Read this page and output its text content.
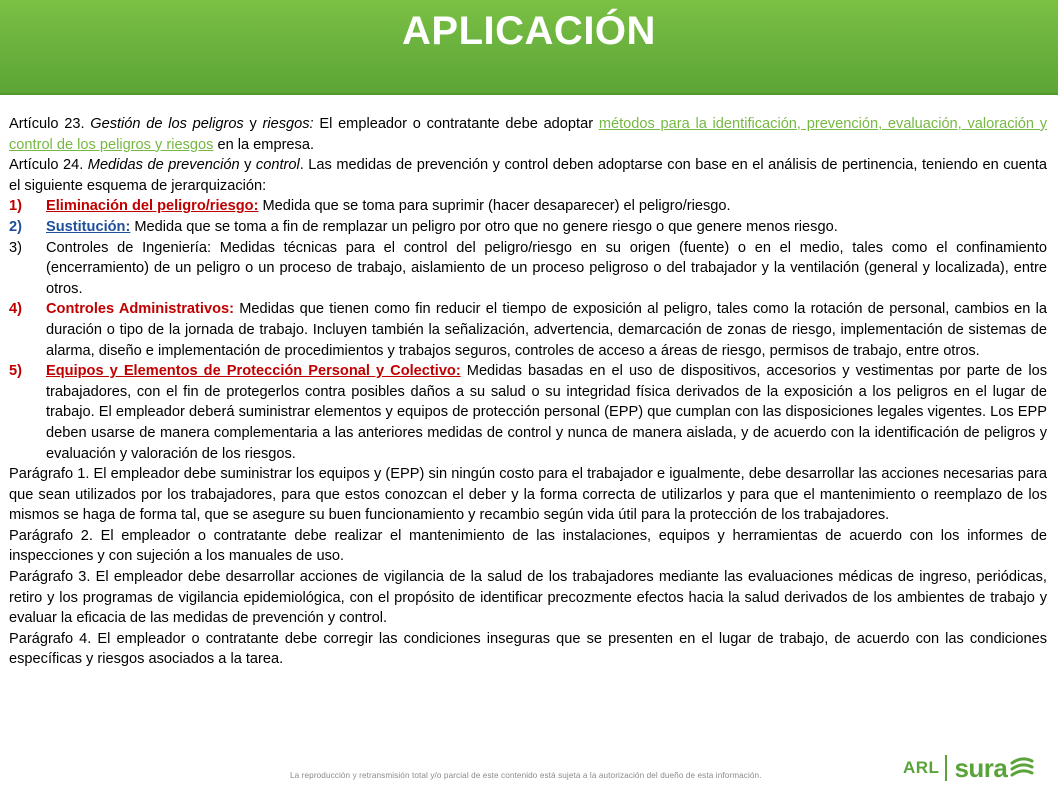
APLICACIÓN

Artículo 23. Gestión de los peligros y riesgos: El empleador o contratante debe adoptar métodos para la identificación, prevención, evaluación, valoración y control de los peligros y riesgos en la empresa.

Artículo 24. Medidas de prevención y control. Las medidas de prevención y control deben adoptarse con base en el análisis de pertinencia, teniendo en cuenta el siguiente esquema de jerarquización:

1)	Eliminación del peligro/riesgo: Medida que se toma para suprimir (hacer desaparecer) el peligro/riesgo.
2)	Sustitución: Medida que se toma a fin de remplazar un peligro por otro que no genere riesgo o que genere menos riesgo.
3)	Controles de Ingeniería: Medidas técnicas para el control del peligro/riesgo en su origen (fuente) o en el medio, tales como el confinamiento (encerramiento) de un peligro o un proceso de trabajo, aislamiento de un proceso peligroso o del trabajador y la ventilación (general y localizada), entre otros.
4)	Controles Administrativos: Medidas que tienen como fin reducir el tiempo de exposición al peligro, tales como la rotación de personal, cambios en la duración o tipo de la jornada de trabajo. Incluyen también la señalización, advertencia, demarcación de zonas de riesgo, implementación de sistemas de alarma, diseño e implementación de procedimientos y trabajos seguros, controles de acceso a áreas de riesgo, permisos de trabajo, entre otros.
5)	Equipos y Elementos de Protección Personal y Colectivo: Medidas basadas en el uso de dispositivos, accesorios y vestimentas por parte de los trabajadores, con el fin de protegerlos contra posibles daños a su salud o su integridad física derivados de la exposición a los peligros en el lugar de trabajo. El empleador deberá suministrar elementos y equipos de protección personal (EPP) que cumplan con las disposiciones legales vigentes. Los EPP deben usarse de manera complementaria a las anteriores medidas de control y nunca de manera aislada, y de acuerdo con la identificación de peligros y evaluación y valoración de los riesgos.

Parágrafo 1. El empleador debe suministrar los equipos y (EPP) sin ningún costo para el trabajador e igualmente, debe desarrollar las acciones necesarias para que sean utilizados por los trabajadores, para que estos conozcan el deber y la forma correcta de utilizarlos y para que el mantenimiento o reemplazo de los mismos se haga de forma tal, que se asegure su buen funcionamiento y recambio según vida útil para la protección de los trabajadores.

Parágrafo 2. El empleador o contratante debe realizar el mantenimiento de las instalaciones, equipos y herramientas de acuerdo con los informes de inspecciones y con sujeción a los manuales de uso.

Parágrafo 3. El empleador debe desarrollar acciones de vigilancia de la salud de los trabajadores mediante las evaluaciones médicas de ingreso, periódicas, retiro y los programas de vigilancia epidemiológica, con el propósito de identificar precozmente efectos hacia la salud derivados de los ambientes de trabajo y evaluar la eficacia de las medidas de prevención y control.

Parágrafo 4. El empleador o contratante debe corregir las condiciones inseguras que se presenten en el lugar de trabajo, de acuerdo con las condiciones específicas y riesgos asociados a la tarea.

La reproducción y retransmisión total y/o parcial de este contenido está sujeta a la autorización del dueño de esta información.	ARL sura
